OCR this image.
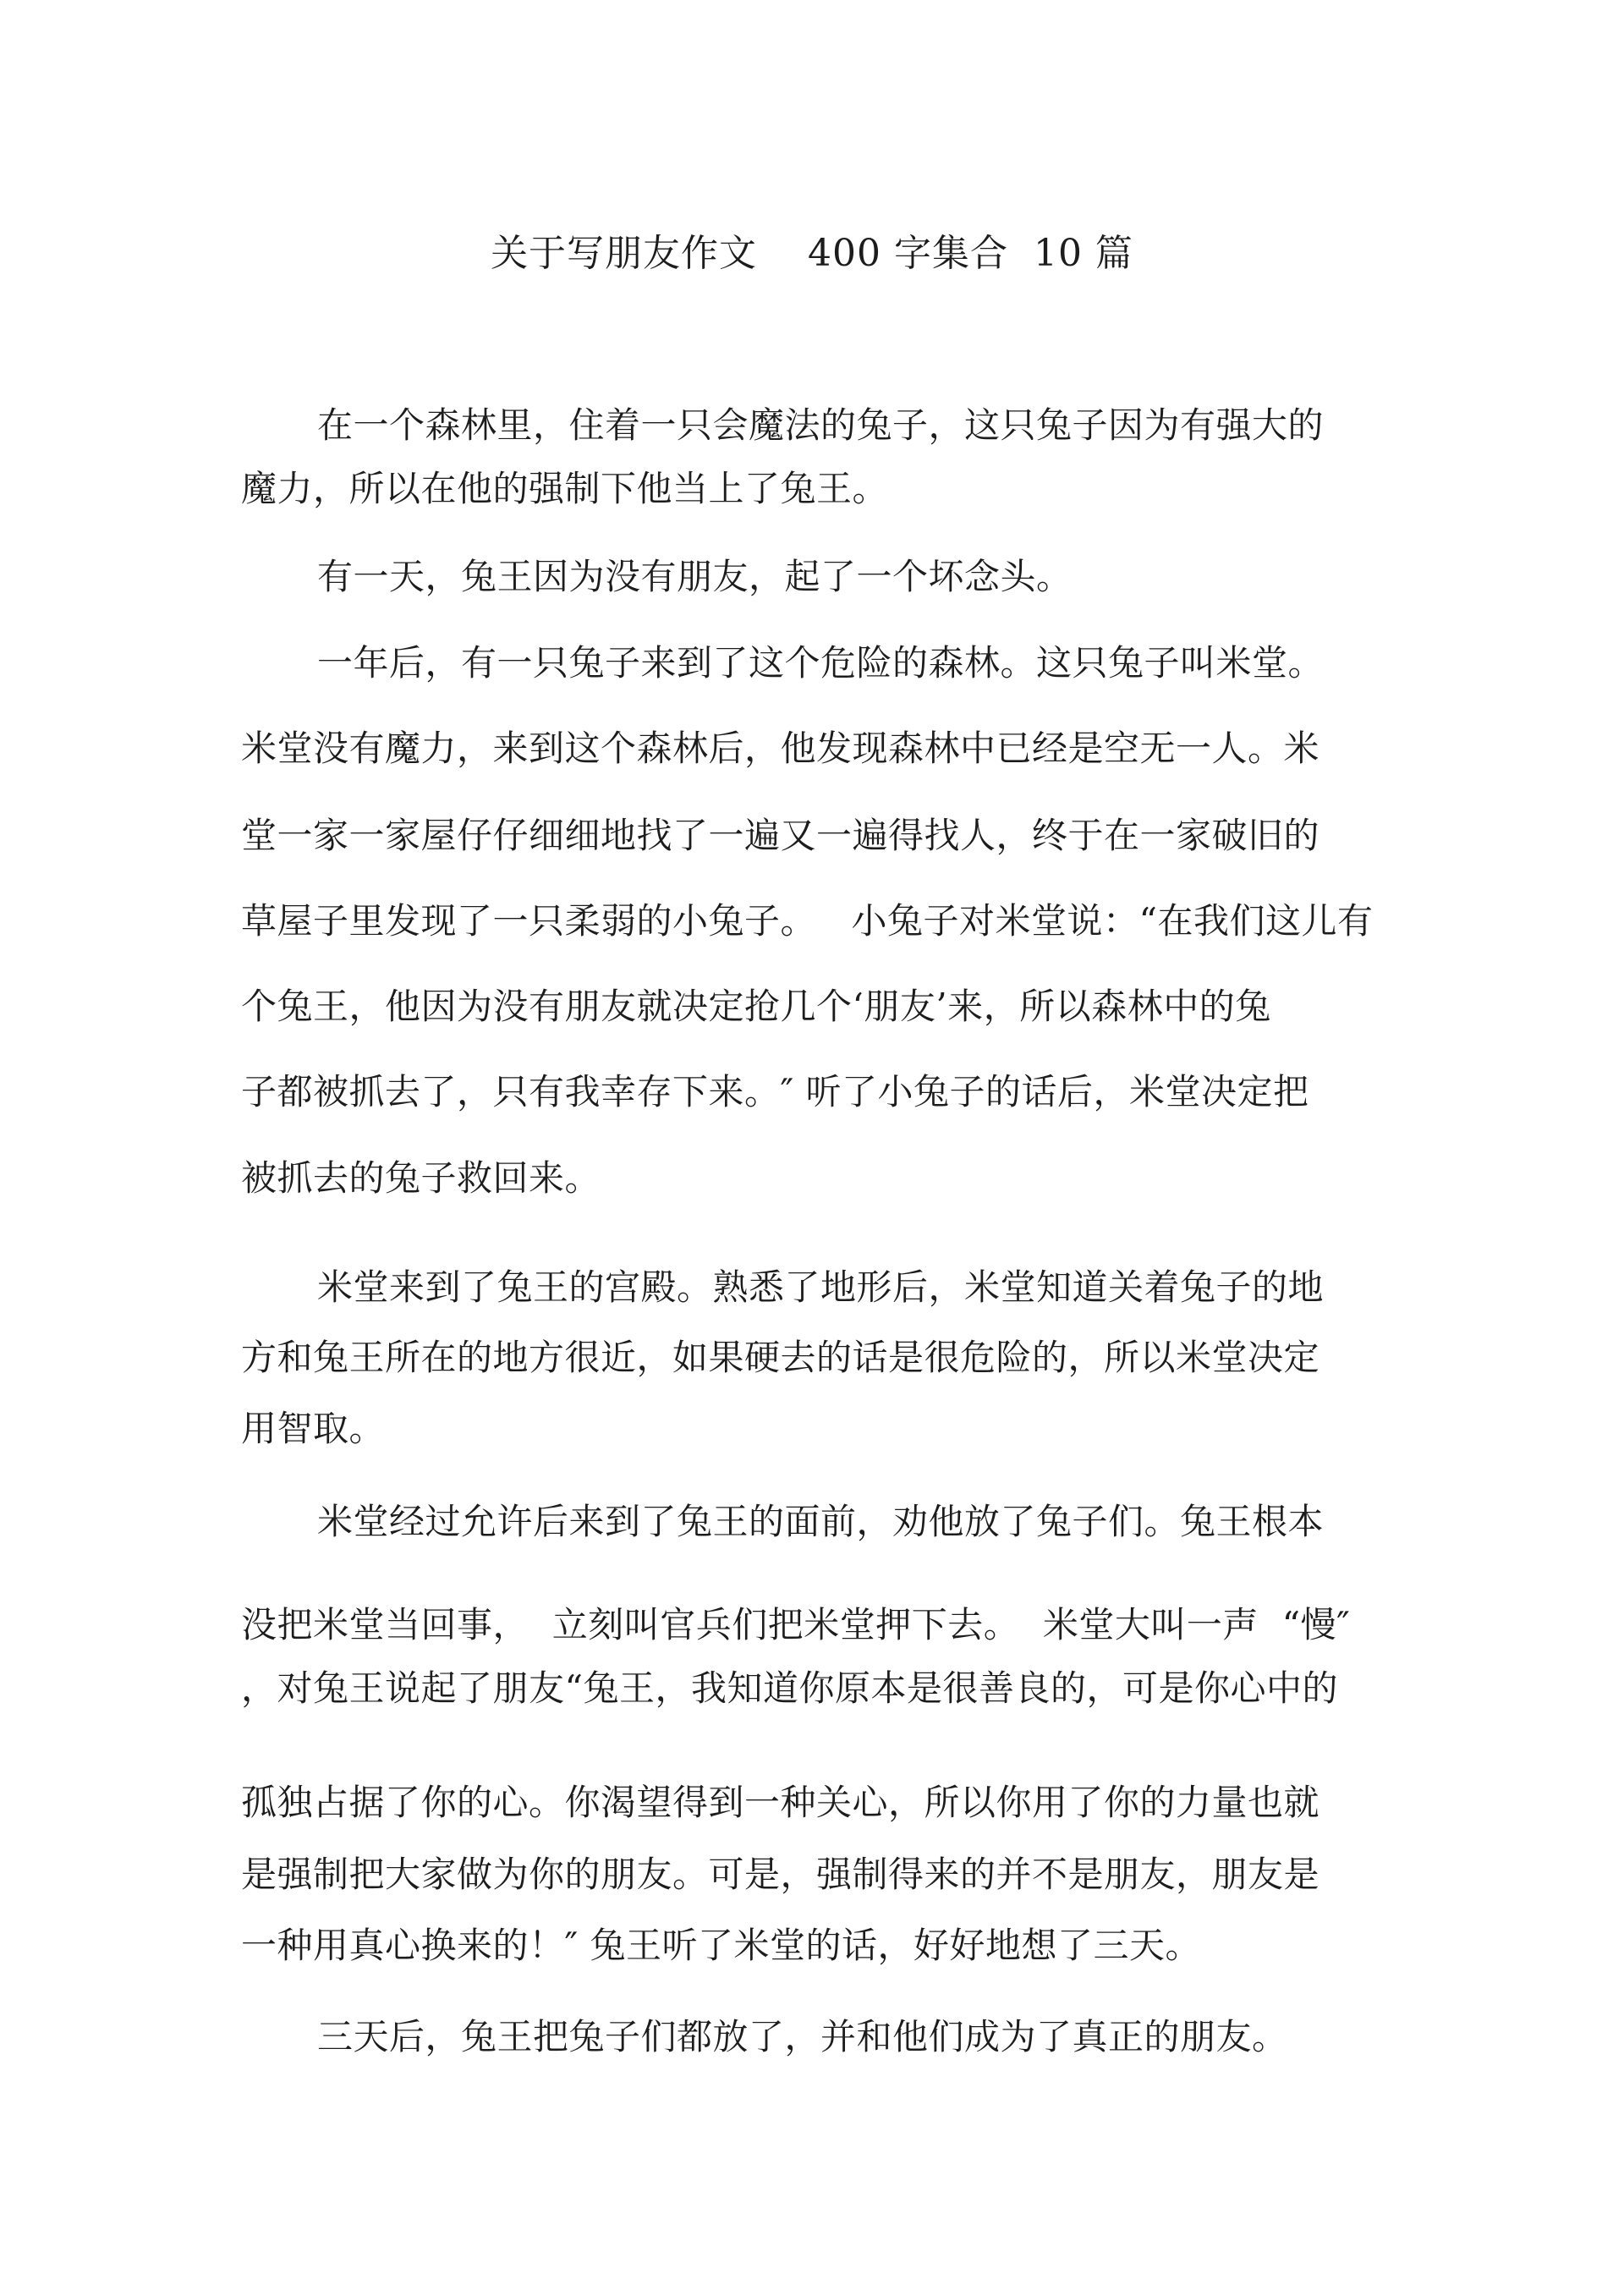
关于写朋友作文    400 字集合  10 篇
在一个森林里，住着一只会魔法的兔子，这只兔子因为有强大的
魔力，所以在他的强制下他当上了兔王。
有一天，兔王因为没有朋友，起了一个坏念头。
一年后，有一只兔子来到了这个危险的森林。这只兔子叫米堂。
米堂没有魔力，来到这个森林后，他发现森林中已经是空无一人。米
堂一家一家屋仔仔细细地找了一遍又一遍得找人，终于在一家破旧的
草屋子里发现了一只柔弱的小兔子。   小兔子对米堂说：“在我们这儿有
个兔王，他因为没有朋友就决定抢几个‘朋友’来，所以森林中的兔
子都被抓去了，只有我幸存下来。″ 听了小兔子的话后，米堂决定把
被抓去的兔子救回来。
米堂来到了兔王的宫殿。熟悉了地形后，米堂知道关着兔子的地
方和兔王所在的地方很近，如果硬去的话是很危险的，所以米堂决定
用智取。
米堂经过允许后来到了兔王的面前，劝他放了兔子们。兔王根本
没把米堂当回事，  立刻叫官兵们把米堂押下去。  米堂大叫一声  “慢″
，对兔王说起了朋友“兔王，我知道你原本是很善良的，可是你心中的
孤独占据了你的心。你渴望得到一种关心，所以你用了你的力量也就
是强制把大家做为你的朋友。可是，强制得来的并不是朋友，朋友是
一种用真心换来的！″ 兔王听了米堂的话，好好地想了三天。
三天后，兔王把兔子们都放了，并和他们成为了真正的朋友。
